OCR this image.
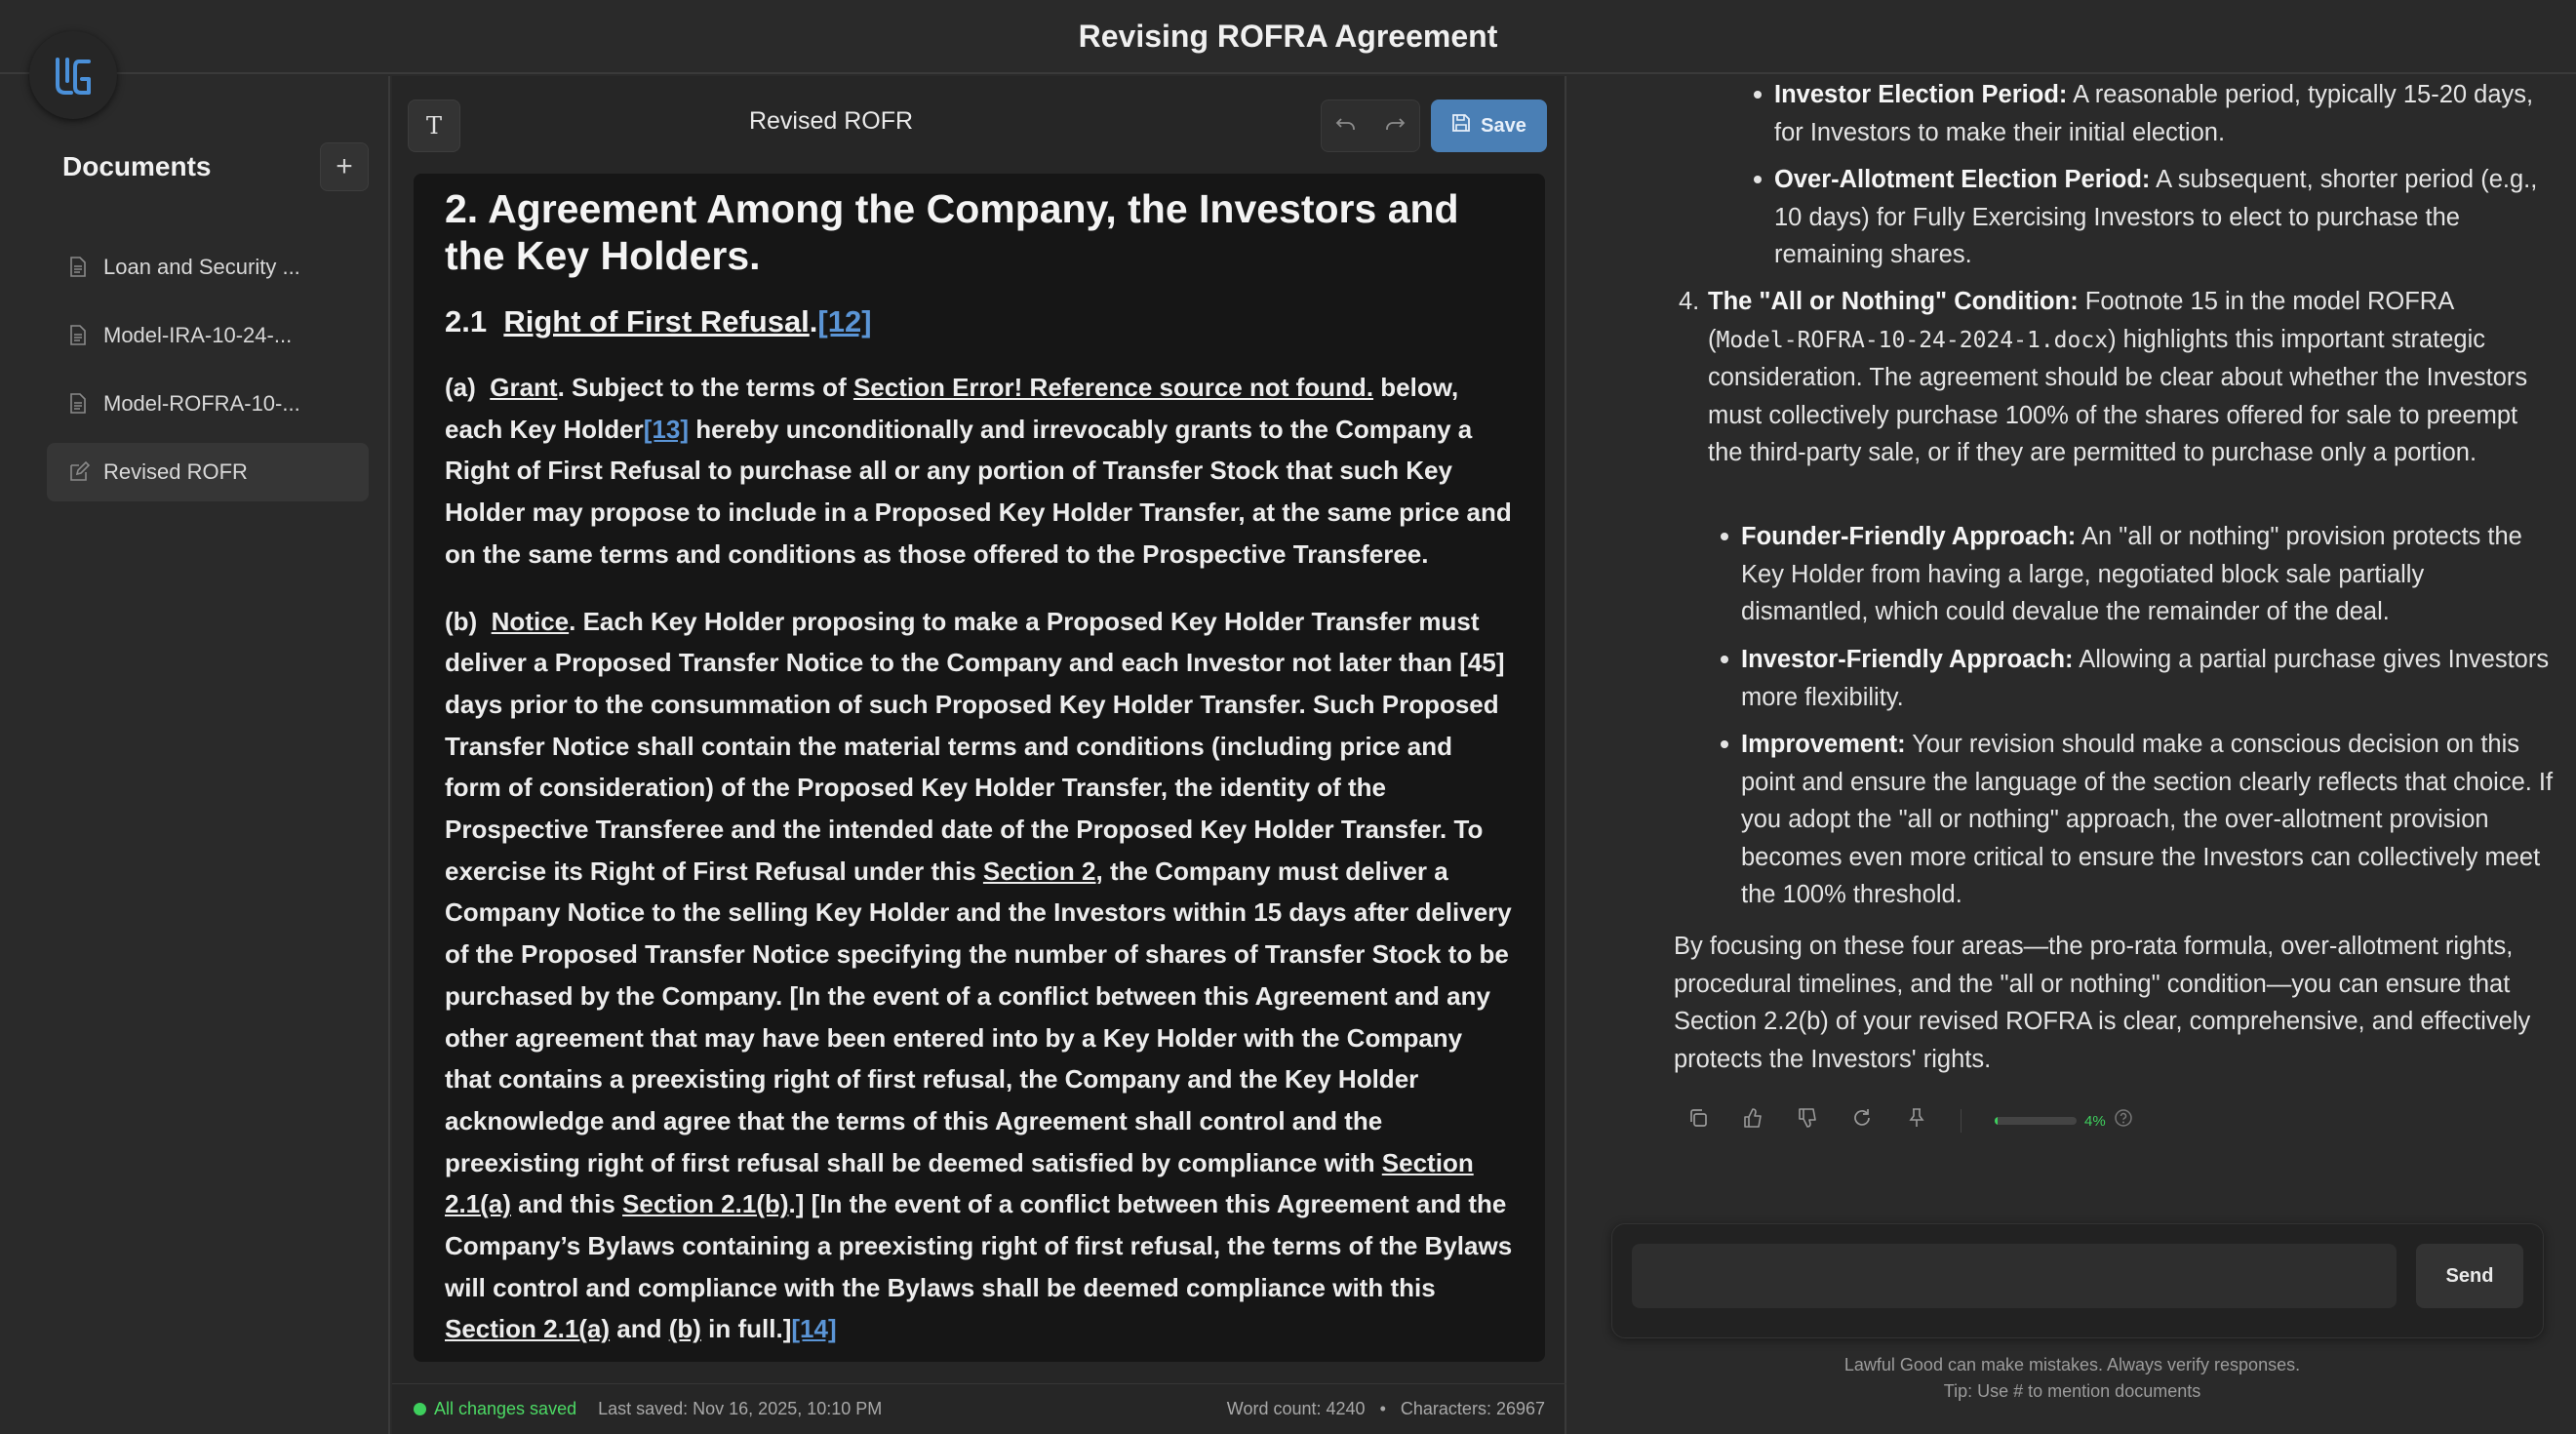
Revising ROFRA Agreement
Documents	+
Loan and Security ...
Model-IRA-10-24-...
Model-ROFRA-10-...
Revised ROFR
T	Revised ROFR	Save
2. Agreement Among the Company, the Investors and the Key Holders.
2.1 Right of First Refusal.[12]
(a) Grant. Subject to the terms of Section Error! Reference source not found. below, each Key Holder[13] hereby unconditionally and irrevocably grants to the Company a Right of First Refusal to purchase all or any portion of Transfer Stock that such Key Holder may propose to include in a Proposed Key Holder Transfer, at the same price and on the same terms and conditions as those offered to the Prospective Transferee.
(b) Notice. Each Key Holder proposing to make a Proposed Key Holder Transfer must deliver a Proposed Transfer Notice to the Company and each Investor not later than [45] days prior to the consummation of such Proposed Key Holder Transfer. Such Proposed Transfer Notice shall contain the material terms and conditions (including price and form of consideration) of the Proposed Key Holder Transfer, the identity of the Prospective Transferee and the intended date of the Proposed Key Holder Transfer. To exercise its Right of First Refusal under this Section 2, the Company must deliver a Company Notice to the selling Key Holder and the Investors within 15 days after delivery of the Proposed Transfer Notice specifying the number of shares of Transfer Stock to be purchased by the Company. [In the event of a conflict between this Agreement and any other agreement that may have been entered into by a Key Holder with the Company that contains a preexisting right of first refusal, the Company and the Key Holder acknowledge and agree that the terms of this Agreement shall control and the preexisting right of first refusal shall be deemed satisfied by compliance with Section 2.1(a) and this Section 2.1(b).] [In the event of a conflict between this Agreement and the Company’s Bylaws containing a preexisting right of first refusal, the terms of the Bylaws will control and compliance with the Bylaws shall be deemed compliance with this Section 2.1(a) and (b) in full.][14]
All changes saved Last saved: Nov 16, 2025, 10:10 PM	Word count: 4240 • Characters: 26967
Investor Election Period: A reasonable period, typically 15-20 days, for Investors to make their initial election.
Over-Allotment Election Period: A subsequent, shorter period (e.g., 10 days) for Fully Exercising Investors to elect to purchase the remaining shares.
4. The "All or Nothing" Condition: Footnote 15 in the model ROFRA (Model-ROFRA-10-24-2024-1.docx) highlights this important strategic consideration. The agreement should be clear about whether the Investors must collectively purchase 100% of the shares offered for sale to preempt the third-party sale, or if they are permitted to purchase only a portion.
Founder-Friendly Approach: An "all or nothing" provision protects the Key Holder from having a large, negotiated block sale partially dismantled, which could devalue the remainder of the deal.
Investor-Friendly Approach: Allowing a partial purchase gives Investors more flexibility.
Improvement: Your revision should make a conscious decision on this point and ensure the language of the section clearly reflects that choice. If you adopt the "all or nothing" approach, the over-allotment provision becomes even more critical to ensure the Investors can collectively meet the 100% threshold.
By focusing on these four areas—the pro-rata formula, over-allotment rights, procedural timelines, and the "all or nothing" condition—you can ensure that Section 2.2(b) of your revised ROFRA is clear, comprehensive, and effectively protects the Investors' rights.
4%
Send
Lawful Good can make mistakes. Always verify responses.
Tip: Use # to mention documents
